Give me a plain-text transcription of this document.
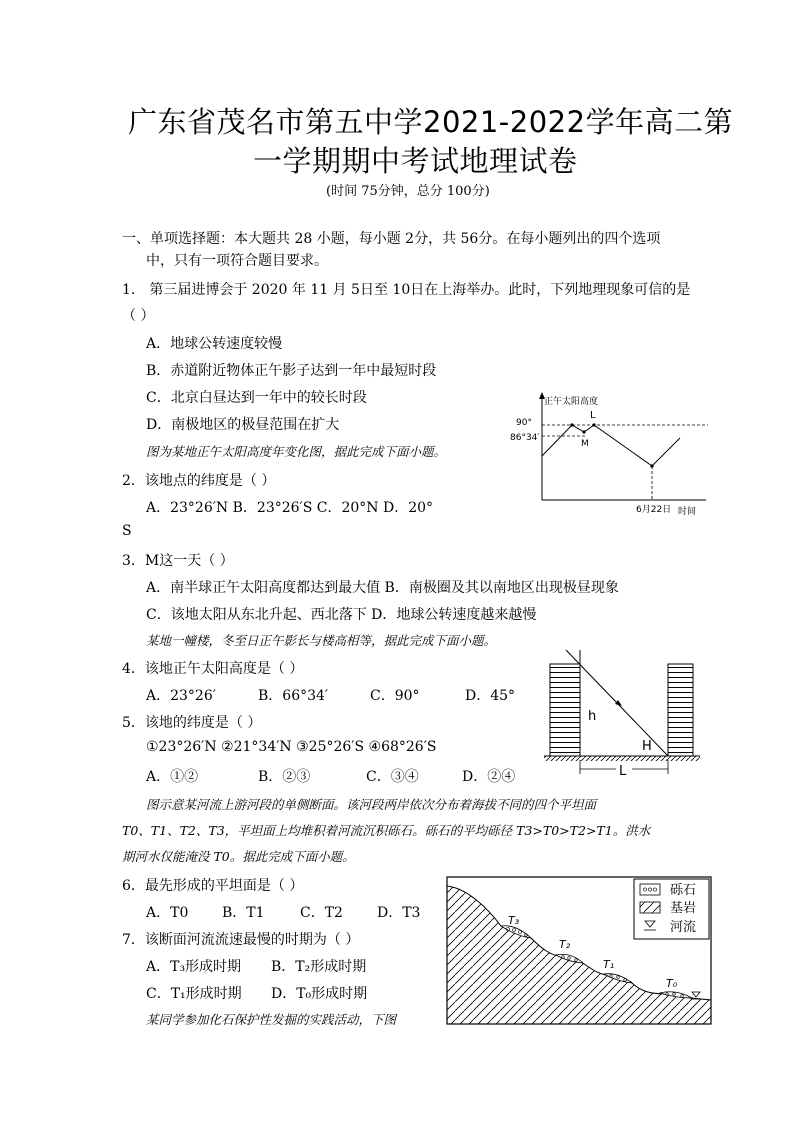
广东省茂名市第五中学2021-2022学年高二第
一学期期中考试地理试卷
(时间 75分钟，总分 100分)
一、单项选择题：本大题共 28 小题，每小题 2分，共 56分。在每小题列出的四个选项
中，只有一项符合题目要求。
1． 第三届进博会于 2020 年 11 月 5日至 10日在上海举办。此时，下列地理现象可信的是
（ ）
A．地球公转速度较慢
B．赤道附近物体正午影子达到一年中最短时段
C．北京白昼达到一年中的较长时段
D．南极地区的极昼范围在扩大
图为某地正午太阳高度年变化图，据此完成下面小题。
正午太阳高度
90°
86°34′
L
M
6月22日 时间
2．该地点的纬度是（ ）
A．23°26′N B．23°26′S C．20°N D．20°
S
3．M这一天（ ）
A．南半球正午太阳高度都达到最大值 B．南极圈及其以南地区出现极昼现象
C．该地太阳从东北升起、西北落下 D．地球公转速度越来越慢
某地一幢楼，冬至日正午影长与楼高相等，据此完成下面小题。
4．该地正午太阳高度是（ ）
A．23°26′	B．66°34′	C．90°	D．45°
5．该地的纬度是（ ）
①23°26′N ②21°34′N ③25°26′S ④68°26′S
A．①②	B．②③	C．③④	D．②④
h
H
L
图示意某河流上游河段的单侧断面。该河段两岸依次分布着海拔不同的四个平坦面
T0、T1、T2、T3，平坦面上均堆积着河流沉积砾石。砾石的平均砾径 T3>T0>T2>T1。洪水
期河水仅能淹没 T0。据此完成下面小题。
6．最先形成的平坦面是（ ）
A．T0 B．T1	C．T2 D．T3
7．该断面河流流速最慢的时期为（ ）
A．T₃形成时期 B．T₂形成时期
C．T₁形成时期 D．T₀形成时期
某同学参加化石保护性发掘的实践活动，下图
T₃
T₂
T₁
T₀
砾石
基岩
河流
